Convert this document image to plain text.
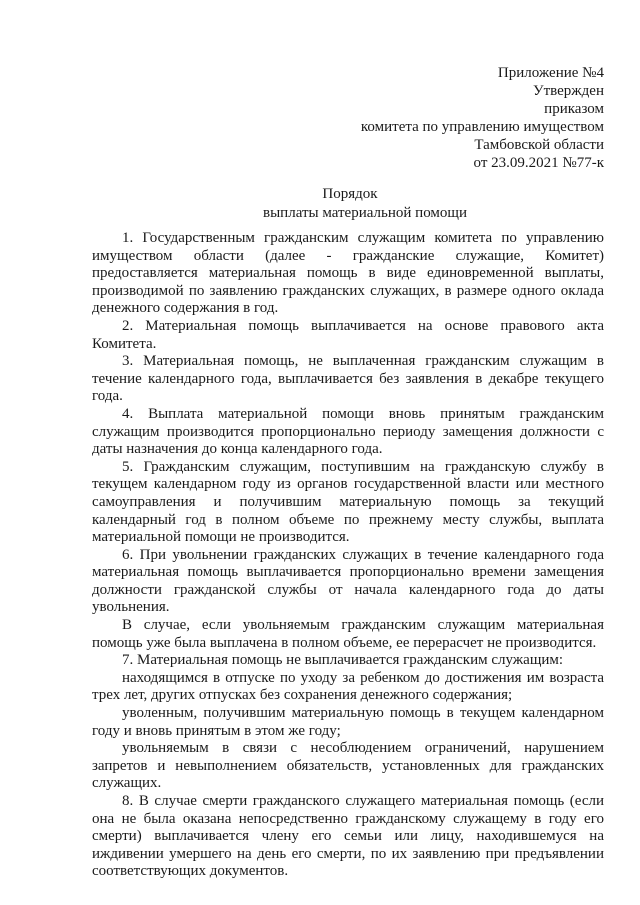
Приложение №4
Утвержден
приказом
комитета по управлению имуществом
Тамбовской области
от 23.09.2021 №77-к
Порядок
выплаты материальной помощи

1. Государственным гражданским служащим комитета по управлению имуществом области (далее - гражданские служащие, Комитет) предоставляется материальная помощь в виде единовременной выплаты, производимой по заявлению гражданских служащих, в размере одного оклада денежного содержания в год.

2. Материальная помощь выплачивается на основе правового акта Комитета.

3. Материальная помощь, не выплаченная гражданским служащим в течение календарного года, выплачивается без заявления в декабре текущего года.

4. Выплата материальной помощи вновь принятым гражданским служащим производится пропорционально периоду замещения должности с даты назначения до конца календарного года.

5. Гражданским служащим, поступившим на гражданскую службу в текущем календарном году из органов государственной власти или местного самоуправления и получившим материальную помощь за текущий календарный год в полном объеме по прежнему месту службы, выплата материальной помощи не производится.

6. При увольнении гражданских служащих в течение календарного года материальная помощь выплачивается пропорционально времени замещения должности гражданской службы от начала календарного года до даты увольнения.

В случае, если увольняемым гражданским служащим материальная помощь уже была выплачена в полном объеме, ее перерасчет не производится.

7. Материальная помощь не выплачивается гражданским служащим:

находящимся в отпуске по уходу за ребенком до достижения им возраста трех лет, других отпусках без сохранения денежного содержания;

уволенным, получившим материальную помощь в текущем календарном году и вновь принятым в этом же году;

увольняемым в связи с несоблюдением ограничений, нарушением запретов и невыполнением обязательств, установленных для гражданских служащих.

8. В случае смерти гражданского служащего материальная помощь (если она не была оказана непосредственно гражданскому служащему в году его смерти) выплачивается члену его семьи или лицу, находившемуся на иждивении умершего на день его смерти, по их заявлению при предъявлении соответствующих документов.
